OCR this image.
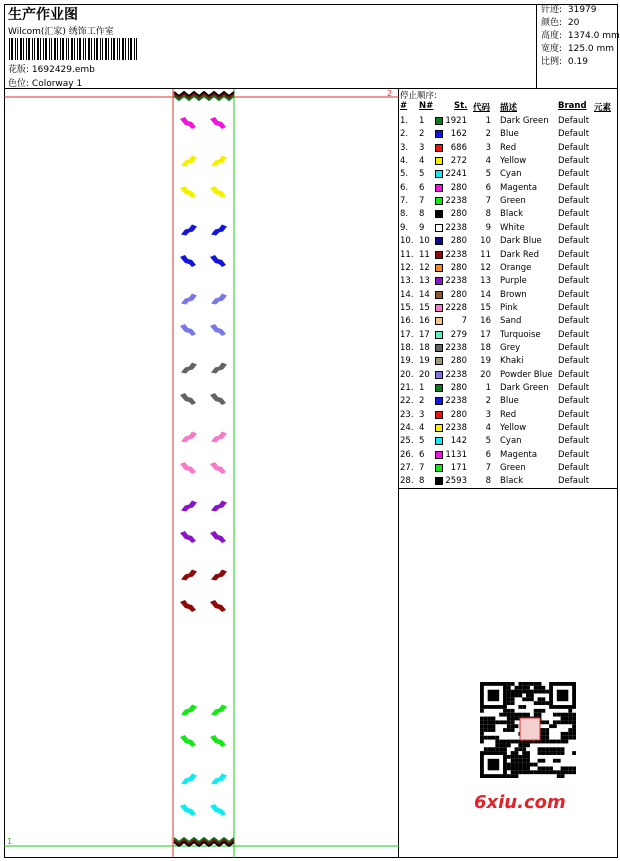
生产作业图
Wilcom(汇家) 绣饰工作室
花版: 1692429.emb
色位: Colorway 1
针迹: 31979
颜色: 20
高度: 1374.0 mm
宽度: 125.0 mm
比例: 0.19
2
1
停止顺序:
# N# St. 代码 描述	Brand 元素
1. 1 1921 1 Dark Green Default
2. 2	162 2 Blue	Default
3. 3	686 3 Red	Default
4. 4	272 4 Yellow	Default
5. 5 2241 5 Cyan	Default
6. 6	280 6 Magenta Default
7. 7 2238 7 Green	Default
8. 8	280 8 Black	Default
9. 9 2238 9 White	Default
10. 10 280 10 Dark Blue Default
11. 11 2238 11 Dark Red Default
12. 12 280 12 Orange	Default
13. 13 2238 13 Purple	Default
14. 14 280 14 Brown	Default
15. 15 2228 15 Pink	Default
16. 16	7 16 Sand	Default
17. 17 279 17 Turquoise Default
18. 18 2238 18 Grey	Default
19. 19 280 19 Khaki	Default
20. 20 2238 20 Powder Blue Default
21. 1	280 1 Dark Green Default
22. 2 2238 2 Blue	Default
23. 3	280 3 Red	Default
24. 4 2238 4 Yellow	Default
25. 5	142 5 Cyan	Default
26. 6 1131 6 Magenta Default
27. 7	171 7 Green	Default
28. 8 2593 8 Black	Default
6xiu.com
